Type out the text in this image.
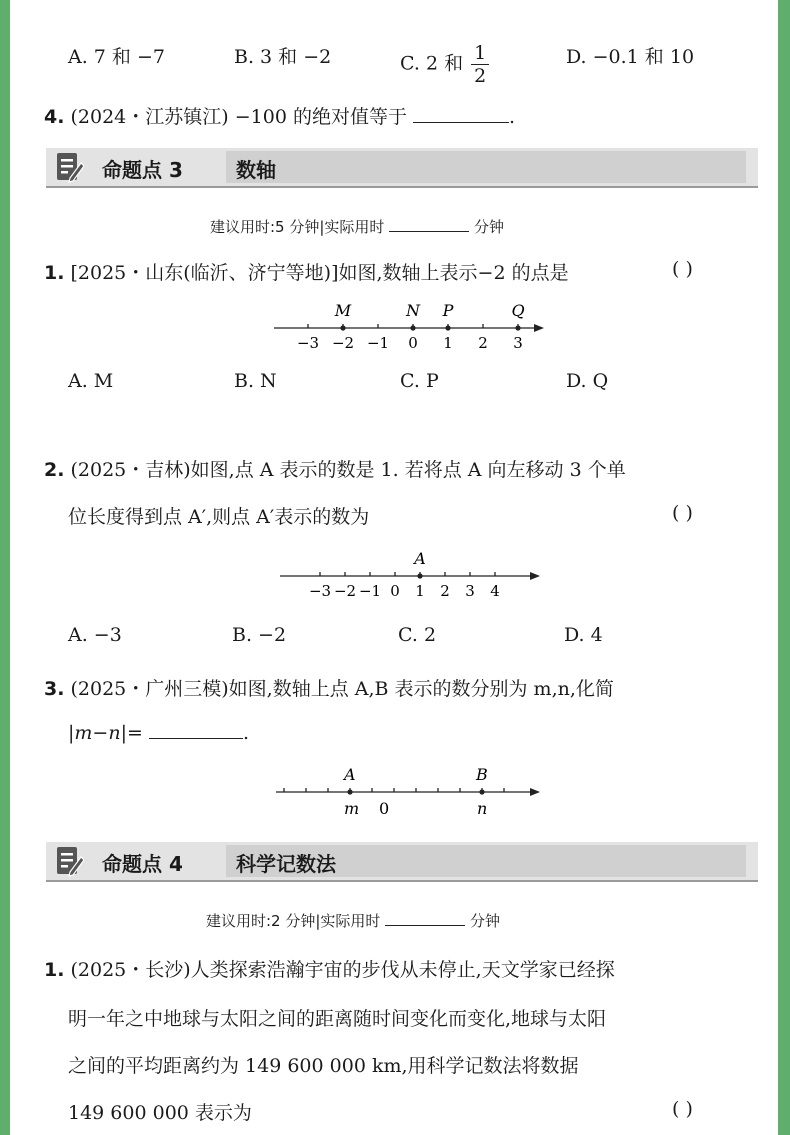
A. 7 和 −7	B. 3 和 −2	C. 2 和 $\frac{1}{2}$	D. −0.1 和 10
4. (2024・江苏镇江) −100 的绝对值等于	.
命题点 3	数轴
建议用时:5 分钟|实际用时	分钟
1. [2025・山东(临沂、济宁等地)]如图,数轴上表示−2 的点是	( )
−3 −2 −1 0 1 2 3
M	N P	Q
A. M	B. N	C. P	D. Q
2. (2025・吉林)如图,点 A 表示的数是 1. 若将点 A 向左移动 3 个单
位长度得到点 A′,则点 A′表示的数为	( )
−3 −2 −1 0 1 2 3 4
A
A. −3	B. −2	C. 2	D. 4
3. (2025・广州三模)如图,数轴上点 A,B 表示的数分别为 m,n,化简
|m−n|=	.
A	B
m 0	n
命题点 4	科学记数法
建议用时:2 分钟|实际用时	分钟
1. (2025・长沙)人类探索浩瀚宇宙的步伐从未停止,天文学家已经探
明一年之中地球与太阳之间的距离随时间变化而变化,地球与太阳
之间的平均距离约为 149 600 000 km,用科学记数法将数据
149 600 000 表示为	( )
